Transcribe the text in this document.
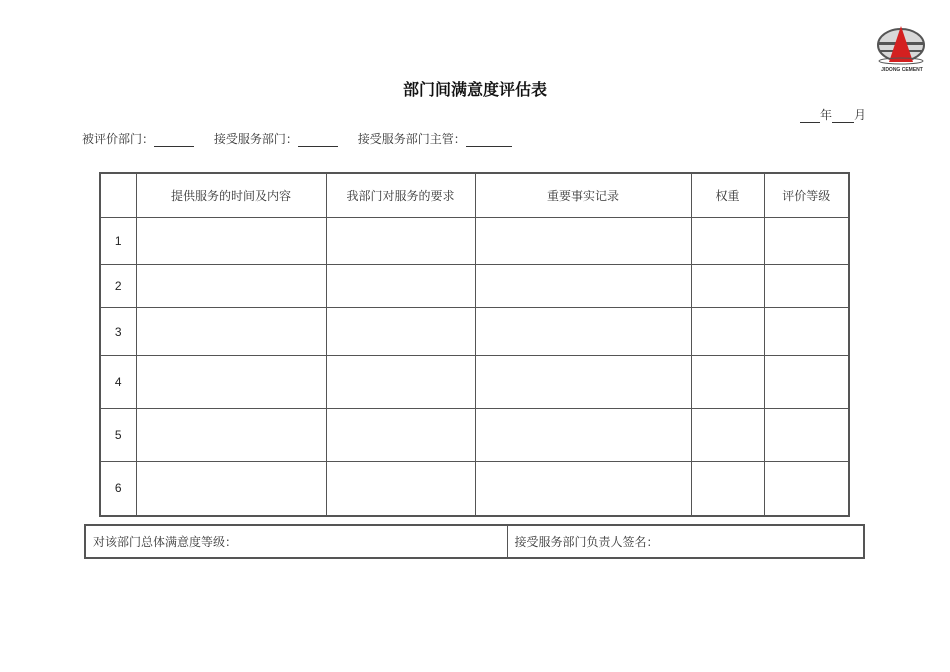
JIDONG CEMENT
部门间满意度评估表
年 月
被评价部门：	接受服务部门：	接受服务部门主管：
	提供服务的时间及内容	我部门对服务的要求	重要事实记录	权重	评价等级
1					
2					
3					
4					
5					
6					
对该部门总体满意度等级：	接受服务部门负责人签名：
